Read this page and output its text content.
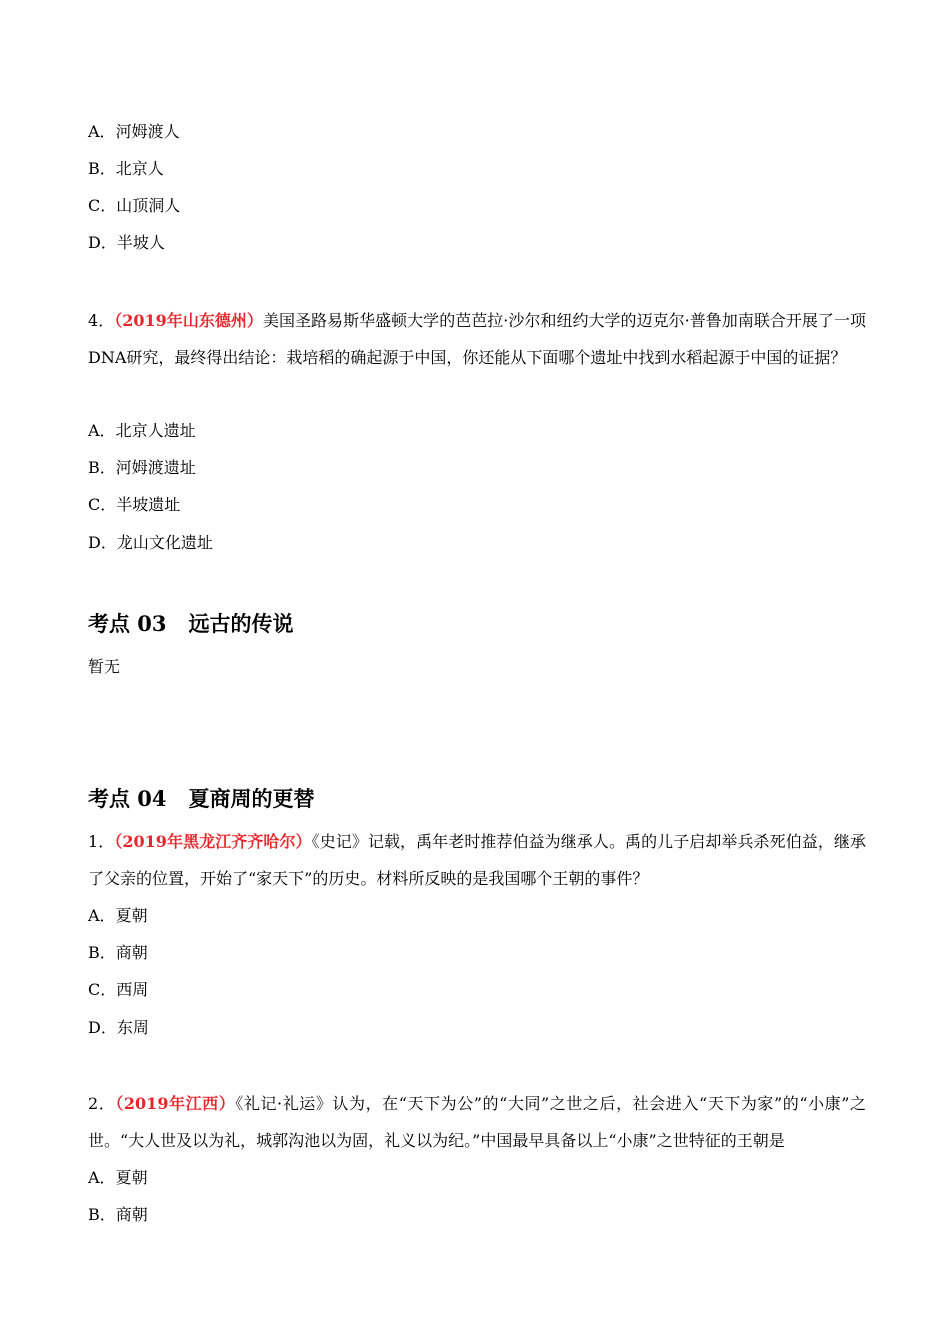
A．河姆渡人
B．北京人
C．山顶洞人
D．半坡人
4．（2019年山东德州）美国圣路易斯华盛顿大学的芭芭拉·沙尔和纽约大学的迈克尔·普鲁加南联合开展了一项DNA研究，最终得出结论：栽培稻的确起源于中国，你还能从下面哪个遗址中找到水稻起源于中国的证据？
A．北京人遗址
B．河姆渡遗址
C．半坡遗址
D．龙山文化遗址
考点 03 远古的传说
暂无
考点 04 夏商周的更替
1．（2019年黑龙江齐齐哈尔）《史记》记载，禹年老时推荐伯益为继承人。禹的儿子启却举兵杀死伯益，继承了父亲的位置，开始了“家天下”的历史。材料所反映的是我国哪个王朝的事件？
A．夏朝
B．商朝
C．西周
D．东周
2．（2019年江西）《礼记·礼运》认为，在“天下为公”的“大同”之世之后，社会进入“天下为家”的“小康”之世。“大人世及以为礼，城郭沟池以为固，礼义以为纪。”中国最早具备以上“小康”之世特征的王朝是
A．夏朝
B．商朝
